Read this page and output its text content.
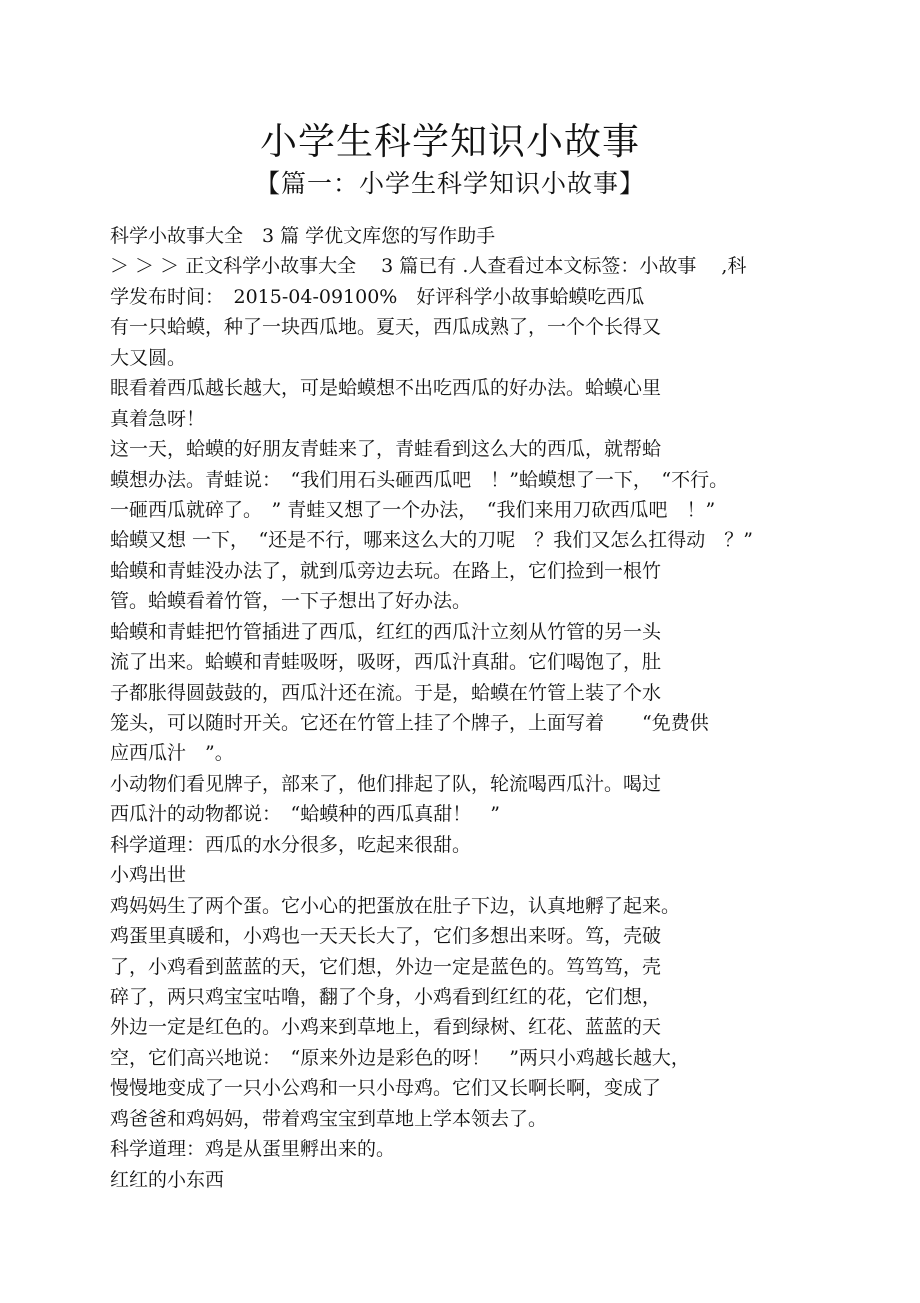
小学生科学知识小故事
【篇一：小学生科学知识小故事】
科学小故事大全　3 篇 学优文库您的写作助手
＞ ＞ ＞ 正文科学小故事大全　 3 篇已有 .人查看过本文标签：小故事　 ,科
学发布时间：　2015-04-09100%　好评科学小故事蛤蟆吃西瓜
有一只蛤蟆，种了一块西瓜地。夏天，西瓜成熟了，一个个长得又
大又圆。
眼看着西瓜越长越大，可是蛤蟆想不出吃西瓜的好办法。蛤蟆心里
真着急呀！
这一天，蛤蟆的好朋友青蛙来了，青蛙看到这么大的西瓜，就帮蛤
蟆想办法。青蛙说：　“我们用石头砸西瓜吧　！”蛤蟆想了一下，　“不行。
一砸西瓜就碎了。　” 青蛙又想了一个办法，　“我们来用刀砍西瓜吧　！”
蛤蟆又想 一下，　“还是不行，哪来这么大的刀呢　？我们又怎么扛得动　？”
蛤蟆和青蛙没办法了，就到瓜旁边去玩。在路上，它们捡到一根竹
管。蛤蟆看着竹管，一下子想出了好办法。
蛤蟆和青蛙把竹管插进了西瓜，红红的西瓜汁立刻从竹管的另一头
流了出来。蛤蟆和青蛙吸呀，吸呀，西瓜汁真甜。它们喝饱了，肚
子都胀得圆鼓鼓的，西瓜汁还在流。于是，蛤蟆在竹管上装了个水
笼头，可以随时开关。它还在竹管上挂了个牌子，上面写着　　“免费供
应西瓜汁　”。
小动物们看见牌子，部来了，他们排起了队，轮流喝西瓜汁。喝过
西瓜汁的动物都说：　“蛤蟆种的西瓜真甜！　”
科学道理：西瓜的水分很多，吃起来很甜。
小鸡出世
鸡妈妈生了两个蛋。它小心的把蛋放在肚子下边，认真地孵了起来。
鸡蛋里真暖和，小鸡也一天天长大了，它们多想出来呀。笃，壳破
了，小鸡看到蓝蓝的天，它们想，外边一定是蓝色的。笃笃笃，壳
碎了，两只鸡宝宝咕噜，翻了个身，小鸡看到红红的花，它们想，
外边一定是红色的。小鸡来到草地上，看到绿树、红花、蓝蓝的天
空，它们高兴地说：　“原来外边是彩色的呀！　”两只小鸡越长越大，
慢慢地变成了一只小公鸡和一只小母鸡。它们又长啊长啊，变成了
鸡爸爸和鸡妈妈，带着鸡宝宝到草地上学本领去了。
科学道理：鸡是从蛋里孵出来的。
红红的小东西
